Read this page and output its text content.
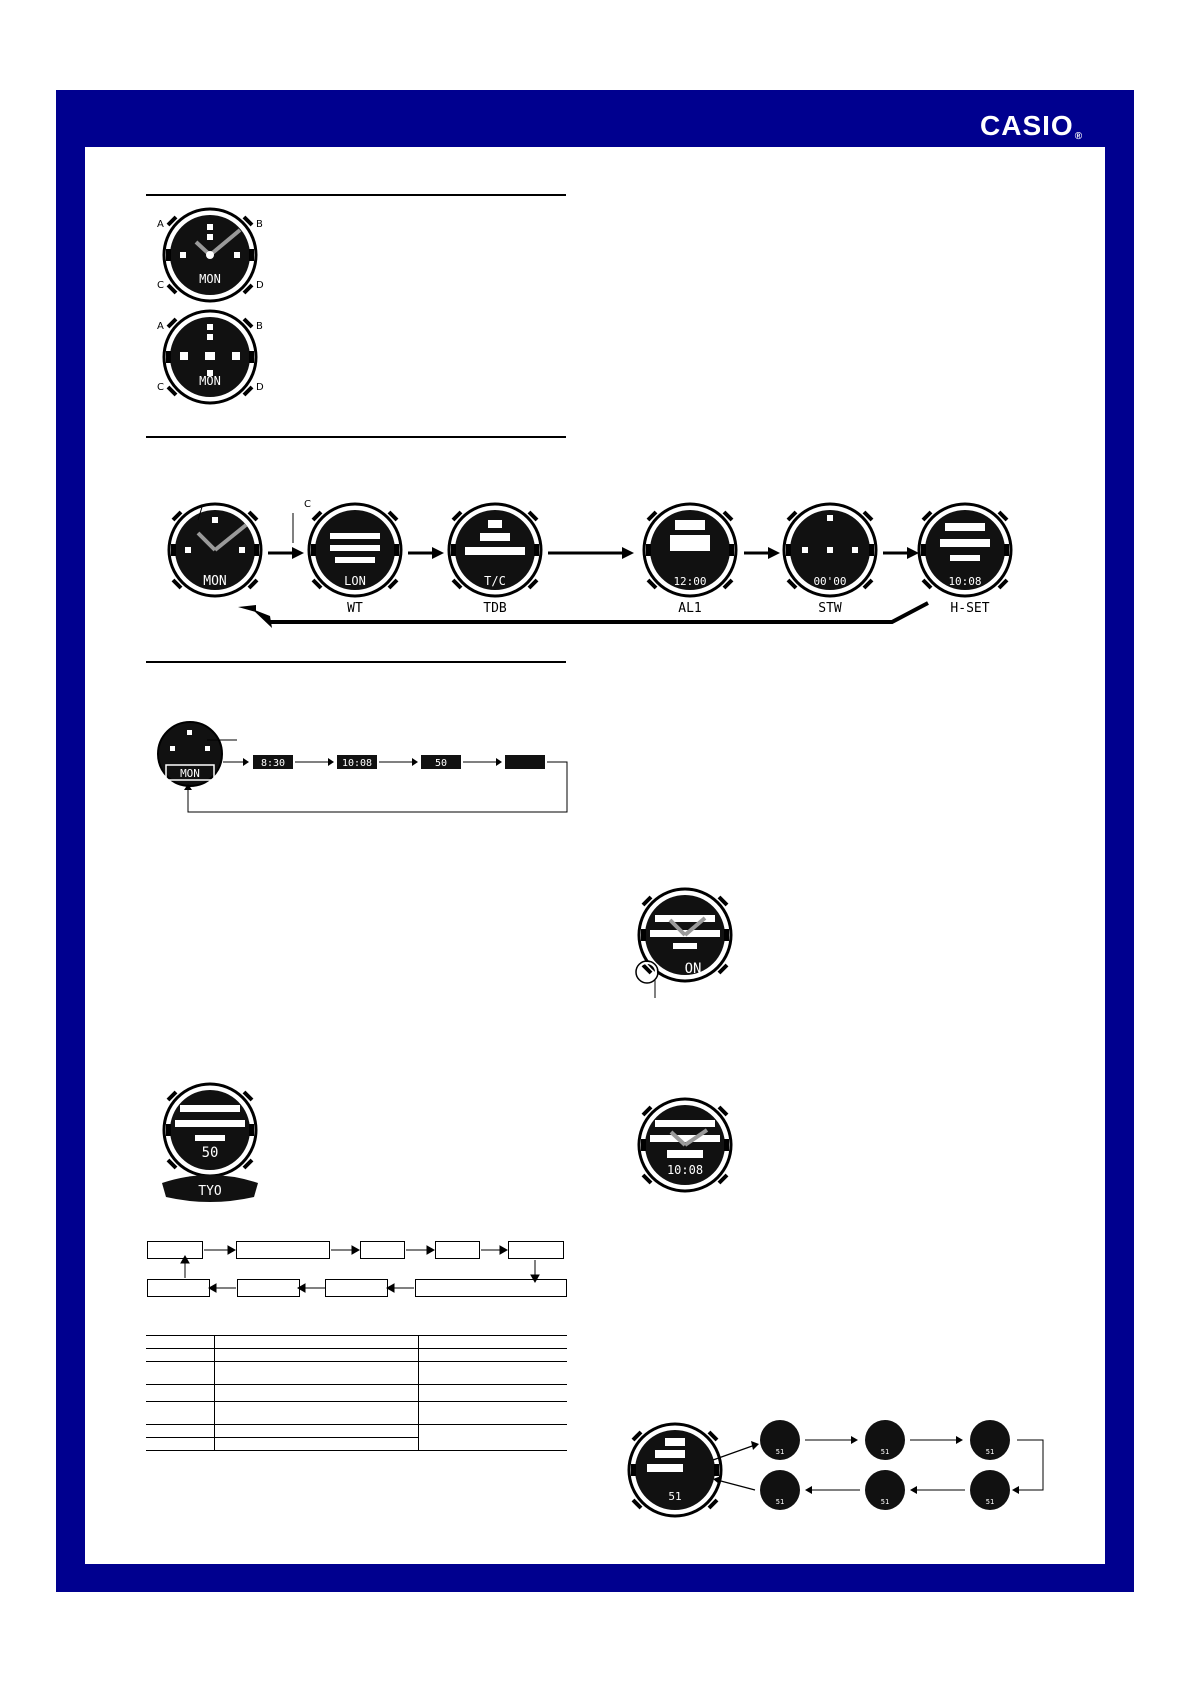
CASIO®
MON
A	B
C	D
MON
A	B
C	D
MON
C
LON	T/C	12:00	00'00	10:08
WT	TDB	AL1	STW	H-SET
MON
8:30	10:08	50
50
TYO

ON
10:08
51
51	51	51
51
51
51
